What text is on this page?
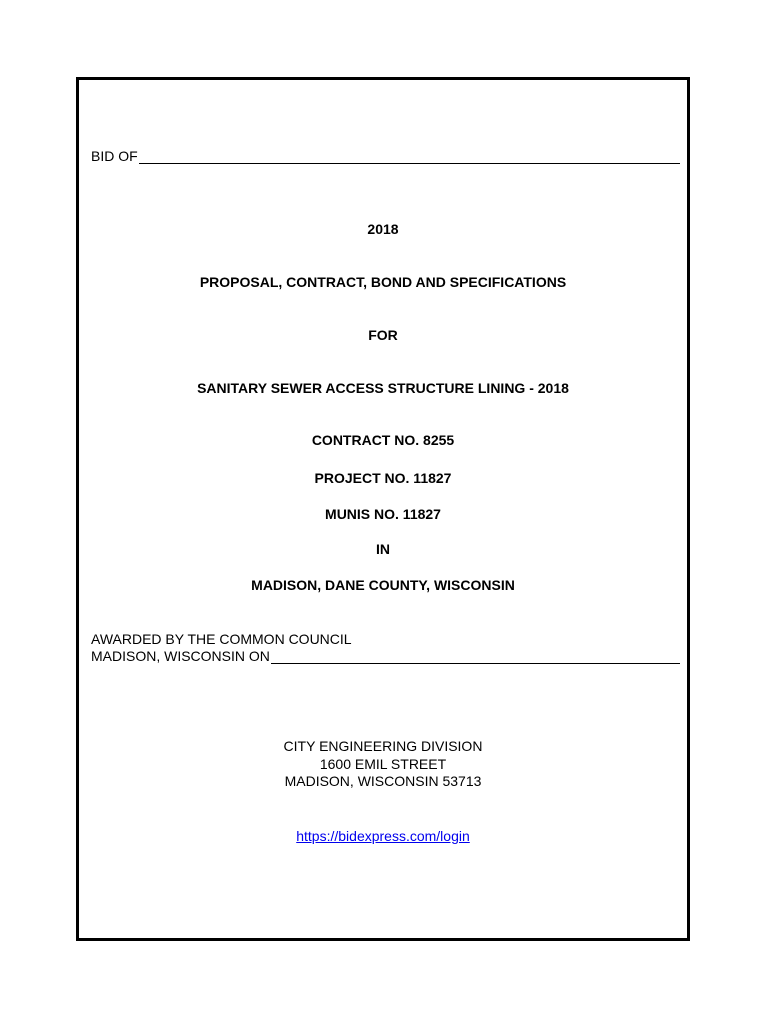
BID OF
2018
PROPOSAL, CONTRACT, BOND AND SPECIFICATIONS
FOR
SANITARY SEWER ACCESS STRUCTURE LINING - 2018
CONTRACT NO. 8255
PROJECT NO. 11827
MUNIS NO. 11827
IN
MADISON, DANE COUNTY, WISCONSIN
AWARDED BY THE COMMON COUNCIL
MADISON, WISCONSIN ON
CITY ENGINEERING DIVISION
1600 EMIL STREET
MADISON, WISCONSIN 53713
https://bidexpress.com/login
